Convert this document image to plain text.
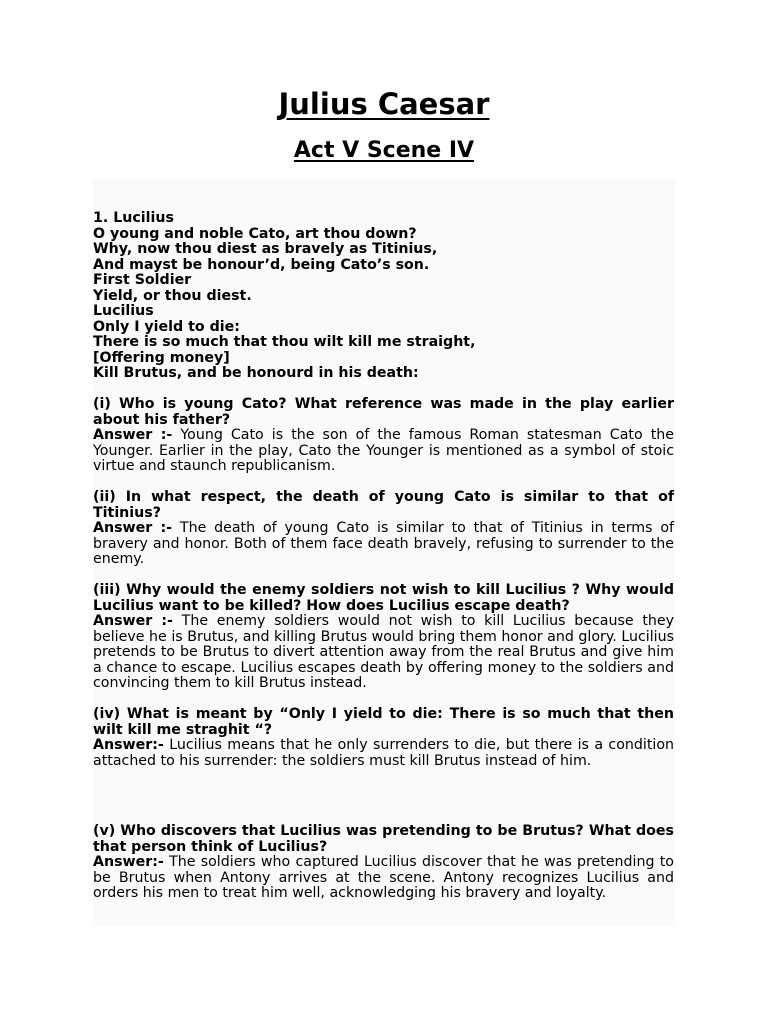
Julius Caesar
Act V Scene IV

1. Lucilius

O young and noble Cato, art thou down?

Why, now thou diest as bravely as Titinius,

And mayst be honour’d, being Cato’s son.

First Soldier

Yield, or thou diest.

Lucilius

Only I yield to die:

There is so much that thou wilt kill me straight,

[Offering money]

Kill Brutus, and be honourd in his death:

(i) Who is young Cato? What reference was made in the play earlier about his father?

Answer :- Young Cato is the son of the famous Roman statesman Cato the Younger. Earlier in the play, Cato the Younger is mentioned as a symbol of stoic virtue and staunch republicanism.

(ii) In what respect, the death of young Cato is similar to that of Titinius?

Answer :- The death of young Cato is similar to that of Titinius in terms of bravery and honor. Both of them face death bravely, refusing to surrender to the enemy.

(iii) Why would the enemy soldiers not wish to kill Lucilius ? Why would Lucilius want to be killed? How does Lucilius escape death?

Answer :- The enemy soldiers would not wish to kill Lucilius because they believe he is Brutus, and killing Brutus would bring them honor and glory. Lucilius pretends to be Brutus to divert attention away from the real Brutus and give him a chance to escape. Lucilius escapes death by offering money to the soldiers and convincing them to kill Brutus instead.

(iv) What is meant by “Only I yield to die: There is so much that then wilt kill me straghit “?

Answer:- Lucilius means that he only surrenders to die, but there is a condition attached to his surrender: the soldiers must kill Brutus instead of him.

(v) Who discovers that Lucilius was pretending to be Brutus? What does that person think of Lucilius?

Answer:- The soldiers who captured Lucilius discover that he was pretending to be Brutus when Antony arrives at the scene. Antony recognizes Lucilius and orders his men to treat him well, acknowledging his bravery and loyalty.
